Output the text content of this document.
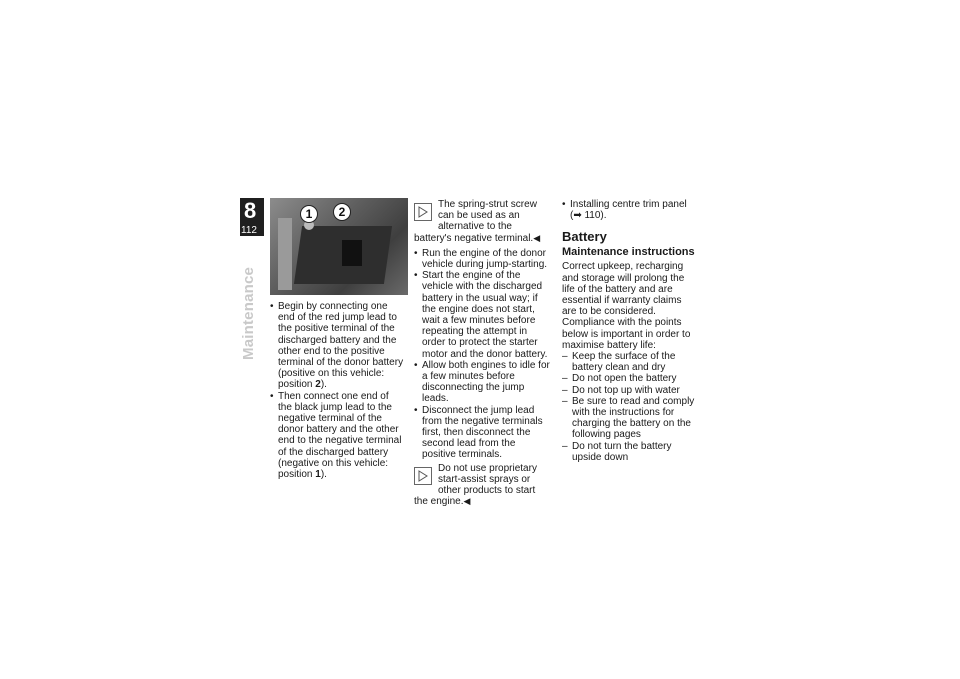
8
112
Maintenance
1	2
• Begin by connecting one end of the red jump lead to the positive terminal of the discharged battery and the other end to the positive terminal of the donor battery (positive on this vehicle: position 2).
• Then connect one end of the black jump lead to the negative terminal of the donor battery and the other end to the negative terminal of the discharged battery (negative on this vehicle: position 1).
The spring-strut screw can be used as an alternative to the battery's negative terminal.◀
• Run the engine of the donor vehicle during jump-starting.
• Start the engine of the vehicle with the discharged battery in the usual way; if the engine does not start, wait a few minutes before repeating the attempt in order to protect the starter motor and the donor battery.
• Allow both engines to idle for a few minutes before disconnecting the jump leads.
• Disconnect the jump lead from the negative terminals first, then disconnect the second lead from the positive terminals.
Do not use proprietary start-assist sprays or other products to start the engine.◀
• Installing centre trim panel
(➡ 110).
Battery
Maintenance instructions

Correct upkeep, recharging and storage will prolong the life of the battery and are essential if warranty claims are to be considered.

Compliance with the points below is important in order to maximise battery life:

– Keep the surface of the battery clean and dry
– Do not open the battery
– Do not top up with water
– Be sure to read and comply with the instructions for charging the battery on the following pages
– Do not turn the battery upside down
